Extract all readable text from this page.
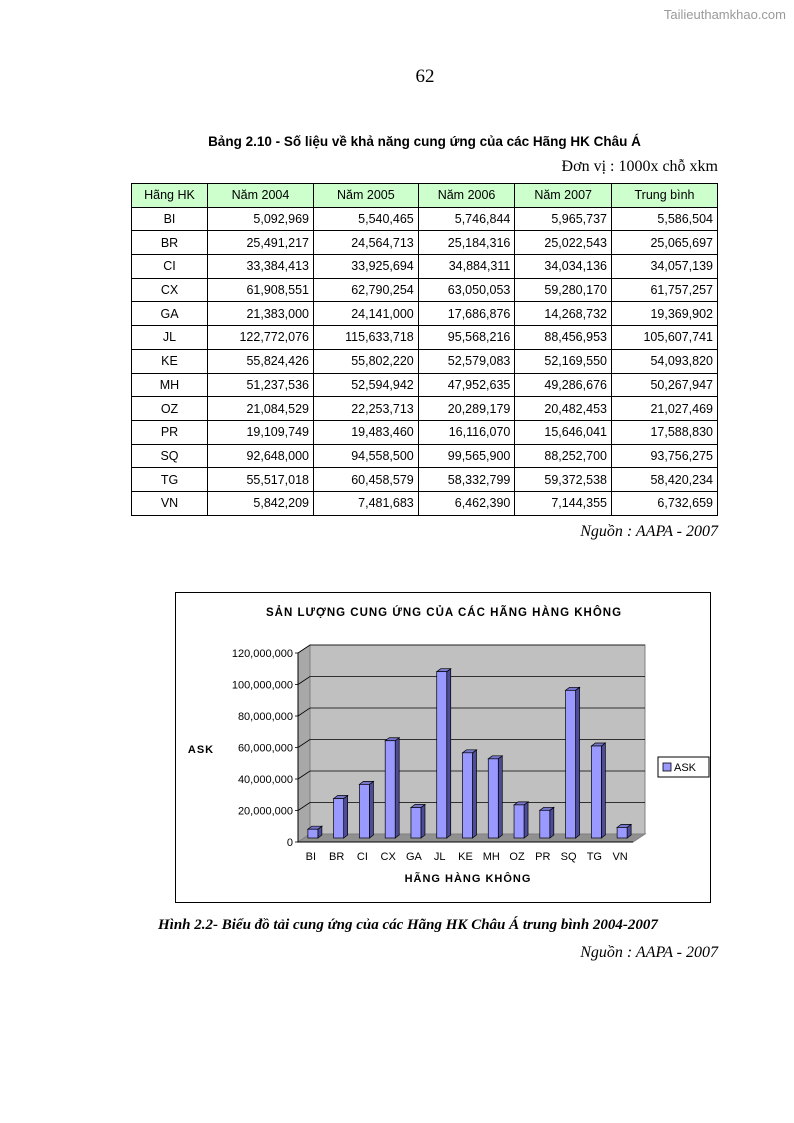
Tailieuthamkhao.com
62
Bảng 2.10 - Số liệu về khả năng cung ứng của các Hãng HK Châu Á
Đơn vị : 1000x chỗ xkm
Hãng HK	Năm 2004	Năm 2005	Năm 2006	Năm 2007	Trung bình
BI	5,092,969	5,540,465	5,746,844	5,965,737	5,586,504
BR	25,491,217	24,564,713	25,184,316	25,022,543	25,065,697
CI	33,384,413	33,925,694	34,884,311	34,034,136	34,057,139
CX	61,908,551	62,790,254	63,050,053	59,280,170	61,757,257
GA	21,383,000	24,141,000	17,686,876	14,268,732	19,369,902
JL	122,772,076	115,633,718	95,568,216	88,456,953	105,607,741
KE	55,824,426	55,802,220	52,579,083	52,169,550	54,093,820
MH	51,237,536	52,594,942	47,952,635	49,286,676	50,267,947
OZ	21,084,529	22,253,713	20,289,179	20,482,453	21,027,469
PR	19,109,749	19,483,460	16,116,070	15,646,041	17,588,830
SQ	92,648,000	94,558,500	99,565,900	88,252,700	93,756,275
TG	55,517,018	60,458,579	58,332,799	59,372,538	58,420,234
VN	5,842,209	7,481,683	6,462,390	7,144,355	6,732,659
Nguồn : AAPA - 2007
SẢN LƯỢNG CUNG ỨNG CỦA CÁC HÃNG HÀNG KHÔNG
0
20,000,000
40,000,000
60,000,000
80,000,000
100,000,000
120,000,000
BI BR CI CX GA JL KE MH OZ PR SQ TG VN
ASK
HÃNG HÀNG KHÔNG
ASK
Hình 2.2- Biểu đồ tải cung ứng của các Hãng HK Châu Á trung bình 2004-2007
Nguồn : AAPA - 2007
